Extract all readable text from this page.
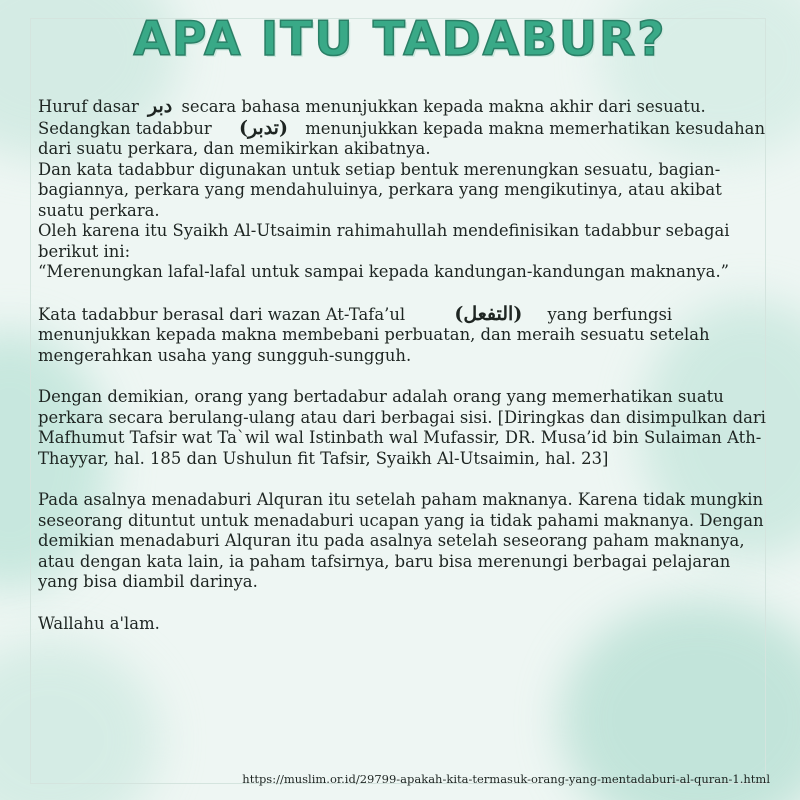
APA ITU TADABUR?

Huruf dasar دبر secara bahasa menunjukkan kepada makna akhir dari sesuatu.

Sedangkan tadabbur (تدبر) menunjukkan kepada makna memerhatikan kesudahan dari suatu perkara, dan memikirkan akibatnya.

Dan kata tadabbur digunakan untuk setiap bentuk merenungkan sesuatu, bagian-bagiannya, perkara yang mendahuluinya, perkara yang mengikutinya, atau akibat suatu perkara.

Oleh karena itu Syaikh Al-Utsaimin rahimahullah mendefinisikan tadabbur sebagai berikut ini:

“Merenungkan lafal-lafal untuk sampai kepada kandungan-kandungan maknanya.”

Kata tadabbur berasal dari wazan At-Tafa’ul	(التفعل) yang berfungsi menunjukkan kepada makna membebani perbuatan, dan meraih sesuatu setelah mengerahkan usaha yang sungguh-sungguh.

Dengan demikian, orang yang bertadabur adalah orang yang memerhatikan suatu perkara secara berulang-ulang atau dari berbagai sisi. [Diringkas dan disimpulkan dari Mafhumut Tafsir wat Ta`wil wal Istinbath wal Mufassir, DR. Musa’id bin Sulaiman Ath-Thayyar, hal. 185 dan Ushulun fit Tafsir, Syaikh Al-Utsaimin, hal. 23]

Pada asalnya menadaburi Alquran itu setelah paham maknanya. Karena tidak mungkin seseorang dituntut untuk menadaburi ucapan yang ia tidak pahami maknanya. Dengan demikian menadaburi Alquran itu pada asalnya setelah seseorang paham maknanya, atau dengan kata lain, ia paham tafsirnya, baru bisa merenungi berbagai pelajaran yang bisa diambil darinya.

Wallahu a'lam.

https://muslim.or.id/29799-apakah-kita-termasuk-orang-yang-mentadaburi-al-quran-1.html
